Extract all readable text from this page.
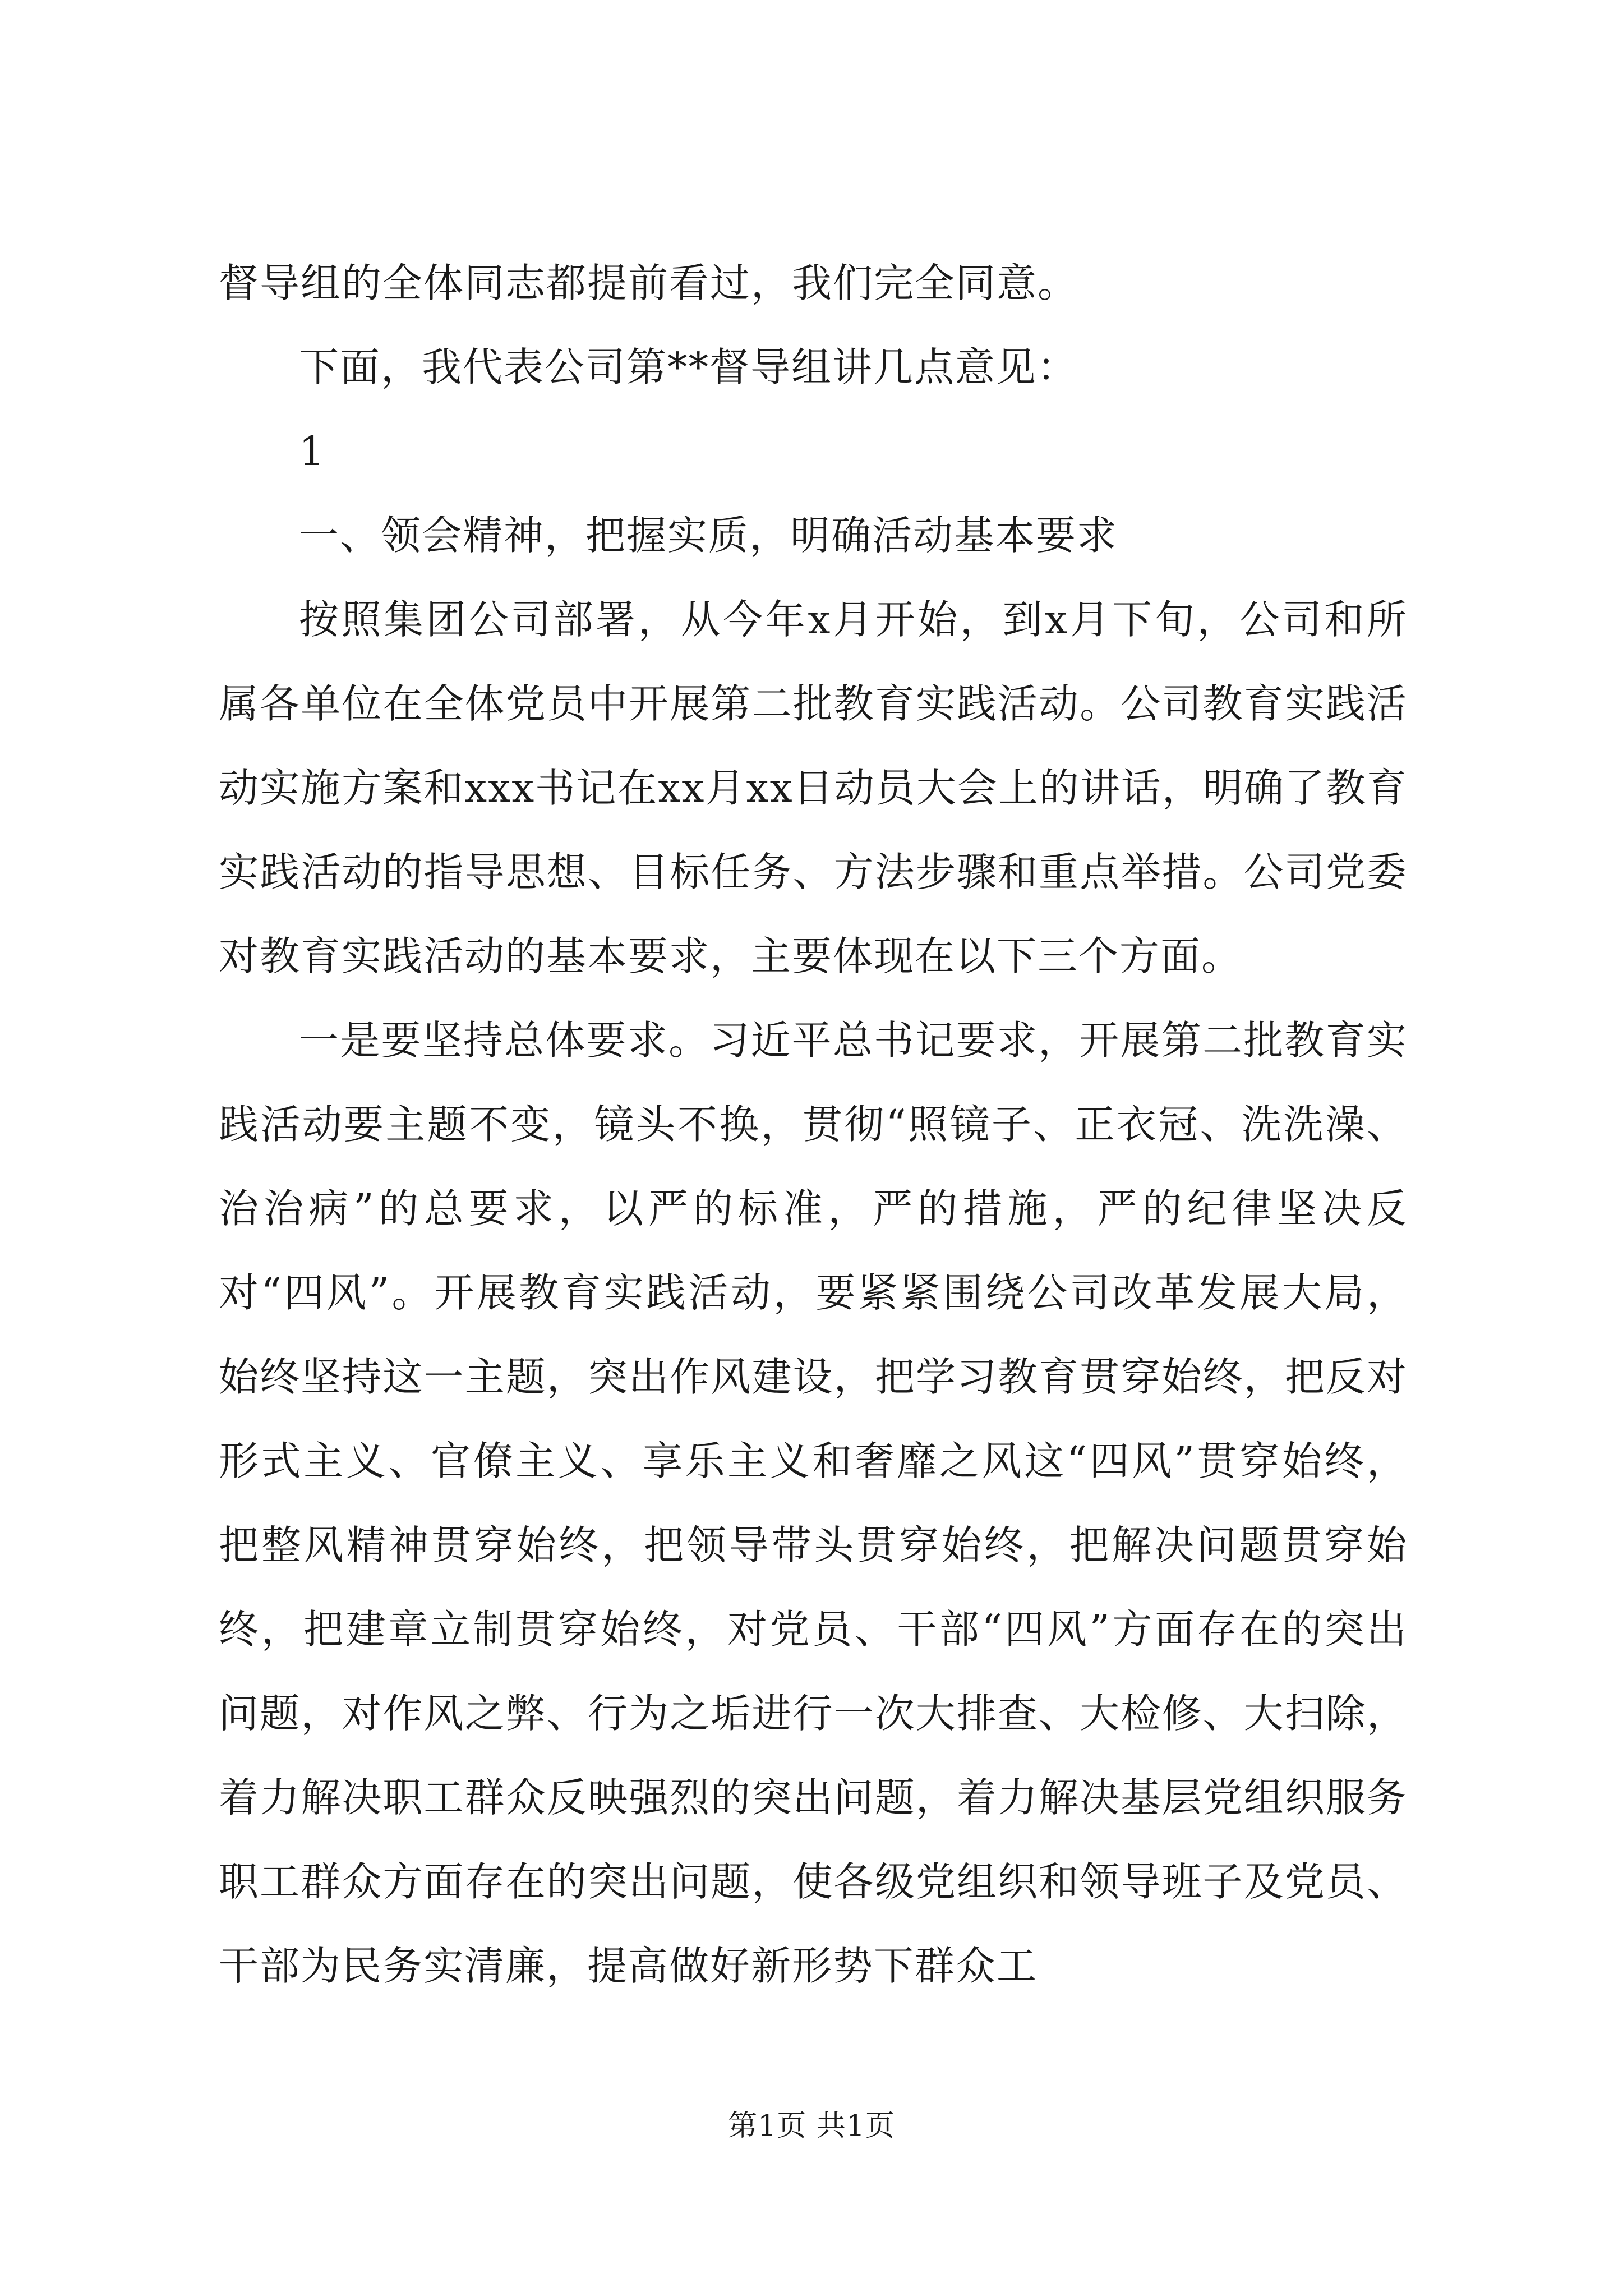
督导组的全体同志都提前看过，我们完全同意。

下面，我代表公司第**督导组讲几点意见：

1

一、领会精神，把握实质，明确活动基本要求

按照集团公司部署，从今年x月开始，到x月下旬，公司和所属各单位在全体党员中开展第二批教育实践活动。公司教育实践活动实施方案和xxx书记在xx月xx日动员大会上的讲话，明确了教育实践活动的指导思想、目标任务、方法步骤和重点举措。公司党委对教育实践活动的基本要求，主要体现在以下三个方面。

一是要坚持总体要求。习近平总书记要求，开展第二批教育实践活动要主题不变，镜头不换，贯彻“照镜子、正衣冠、洗洗澡、治治病”的总要求，以严的标准，严的措施，严的纪律坚决反对“四风”。开展教育实践活动，要紧紧围绕公司改革发展大局，始终坚持这一主题，突出作风建设，把学习教育贯穿始终，把反对形式主义、官僚主义、享乐主义和奢靡之风这“四风”贯穿始终，把整风精神贯穿始终，把领导带头贯穿始终，把解决问题贯穿始终，把建章立制贯穿始终，对党员、干部“四风”方面存在的突出问题，对作风之弊、行为之垢进行一次大排查、大检修、大扫除，着力解决职工群众反映强烈的突出问题，着力解决基层党组织服务职工群众方面存在的突出问题，使各级党组织和领导班子及党员、干部为民务实清廉，提高做好新形势下群众工

第1页 共1页
